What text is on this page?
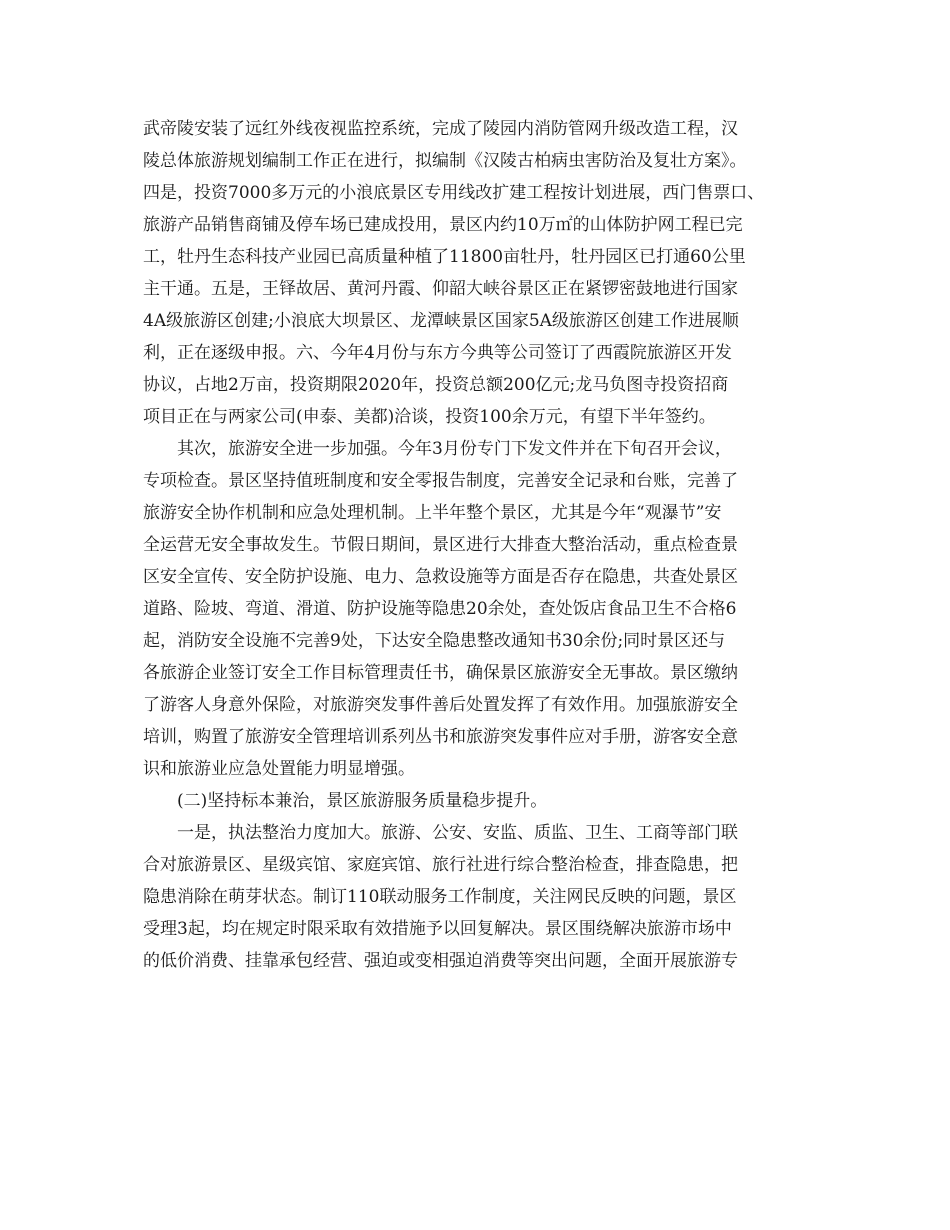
武帝陵安装了远红外线夜视监控系统，完成了陵园内消防管网升级改造工程，汉
陵总体旅游规划编制工作正在进行，拟编制《汉陵古柏病虫害防治及复壮方案》。
四是，投资7000多万元的小浪底景区专用线改扩建工程按计划进展，西门售票口、
旅游产品销售商铺及停车场已建成投用，景区内约10万㎡的山体防护网工程已完
工，牡丹生态科技产业园已高质量种植了11800亩牡丹，牡丹园区已打通60公里
主干通。五是，王铎故居、黄河丹霞、仰韶大峡谷景区正在紧锣密鼓地进行国家
4A级旅游区创建;小浪底大坝景区、龙潭峡景区国家5A级旅游区创建工作进展顺
利，正在逐级申报。六、今年4月份与东方今典等公司签订了西霞院旅游区开发
协议，占地2万亩，投资期限2020年，投资总额200亿元;龙马负图寺投资招商
项目正在与两家公司(申泰、美都)洽谈，投资100余万元，有望下半年签约。
其次，旅游安全进一步加强。今年3月份专门下发文件并在下旬召开会议，
专项检查。景区坚持值班制度和安全零报告制度，完善安全记录和台账，完善了
旅游安全协作机制和应急处理机制。上半年整个景区，尤其是今年“观瀑节”安
全运营无安全事故发生。节假日期间，景区进行大排查大整治活动，重点检查景
区安全宣传、安全防护设施、电力、急救设施等方面是否存在隐患，共查处景区
道路、险坡、弯道、滑道、防护设施等隐患20余处，查处饭店食品卫生不合格6
起，消防安全设施不完善9处，下达安全隐患整改通知书30余份;同时景区还与
各旅游企业签订安全工作目标管理责任书，确保景区旅游安全无事故。景区缴纳
了游客人身意外保险，对旅游突发事件善后处置发挥了有效作用。加强旅游安全
培训，购置了旅游安全管理培训系列丛书和旅游突发事件应对手册，游客安全意
识和旅游业应急处置能力明显增强。
(二)坚持标本兼治，景区旅游服务质量稳步提升。
一是，执法整治力度加大。旅游、公安、安监、质监、卫生、工商等部门联
合对旅游景区、星级宾馆、家庭宾馆、旅行社进行综合整治检查，排查隐患，把
隐患消除在萌芽状态。制订110联动服务工作制度，关注网民反映的问题，景区
受理3起，均在规定时限采取有效措施予以回复解决。景区围绕解决旅游市场中
的低价消费、挂靠承包经营、强迫或变相强迫消费等突出问题，全面开展旅游专
